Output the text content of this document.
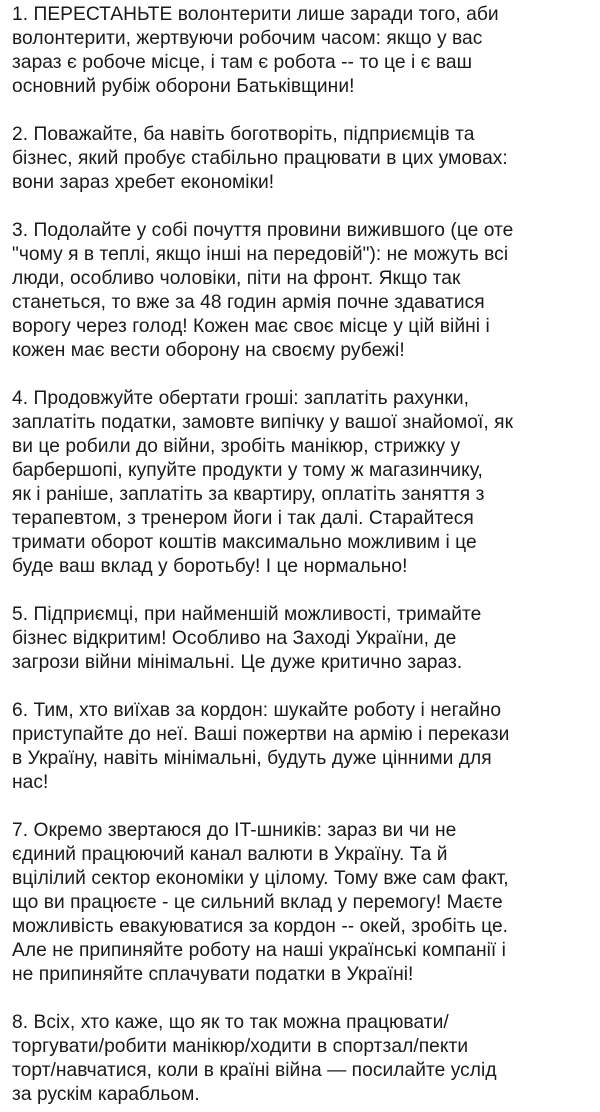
1. ПЕРЕСТАНЬТЕ волонтерити лише заради того, аби
волонтерити, жертвуючи робочим часом: якщо у вас
зараз є робоче місце, і там є робота -- то це і є ваш
основний рубіж оборони Батьківщини!
2. Поважайте, ба навіть боготворіть, підприємців та
бізнес, який пробує стабільно працювати в цих умовах:
вони зараз хребет економіки!
3. Подолайте у собі почуття провини вижившого (це оте
"чому я в теплі, якщо інші на передовій"): не можуть всі
люди, особливо чоловіки, піти на фронт. Якщо так
станеться, то вже за 48 годин армія почне здаватися
ворогу через голод! Кожен має своє місце у цій війні і
кожен має вести оборону на своєму рубежі!
4. Продовжуйте обертати гроші: заплатіть рахунки,
заплатіть податки, замовте випічку у вашої знайомої, як
ви це робили до війни, зробіть манікюр, стрижку у
барбершопі, купуйте продукти у тому ж магазинчику,
як і раніше, заплатіть за квартиру, оплатіть заняття з
терапевтом, з тренером йоги і так далі. Старайтеся
тримати оборот коштів максимально можливим і це
буде ваш вклад у боротьбу! І це нормально!
5. Підприємці, при найменшій можливості, тримайте
бізнес відкритим! Особливо на Заході України, де
загрози війни мінімальні. Це дуже критично зараз.
6. Тим, хто виїхав за кордон: шукайте роботу і негайно
приступайте до неї. Ваші пожертви на армію і перекази
в Україну, навіть мінімальні, будуть дуже цінними для
нас!
7. Окремо звертаюся до IT-шників: зараз ви чи не
єдиний працюючий канал валюти в Україну. Та й
вцілілий сектор економіки у цілому. Тому вже сам факт,
що ви працюєте - це сильний вклад у перемогу! Маєте
можливість евакуюватися за кордон -- окей, зробіть це.
Але не припиняйте роботу на наші українські компанії і
не припиняйте сплачувати податки в Україні!
8. Всіх, хто каже, що як то так можна працювати/
торгувати/робити манікюр/ходити в спортзал/пекти
торт/навчатися, коли в країні війна — посилайте услід
за рускім карабльом.
